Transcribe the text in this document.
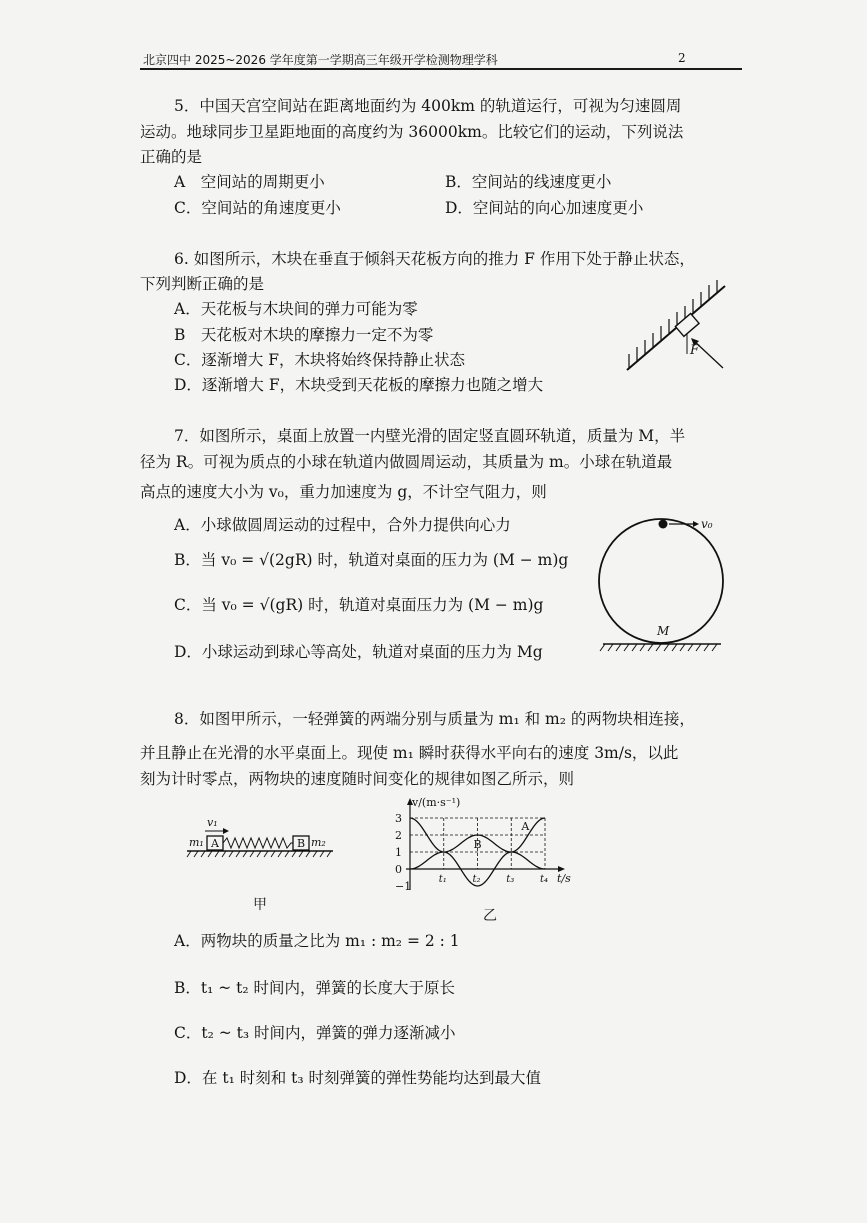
北京四中 2025~2026 学年度第一学期高三年级开学检测物理学科	2
5．中国天宫空间站在距离地面约为 400km 的轨道运行，可视为匀速圆周
运动。地球同步卫星距地面的高度约为 36000km。比较它们的运动，下列说法
正确的是
A　空间站的周期更小	B．空间站的线速度更小
C．空间站的角速度更小	D．空间站的向心加速度更小
6. 如图所示，木块在垂直于倾斜天花板方向的推力 F 作用下处于静止状态，
下列判断正确的是
A．天花板与木块间的弹力可能为零
B　天花板对木块的摩擦力一定不为零
C．逐渐增大 F，木块将始终保持静止状态
D．逐渐增大 F，木块受到天花板的摩擦力也随之增大
F
7．如图所示，桌面上放置一内壁光滑的固定竖直圆环轨道，质量为 M，半
径为 R。可视为质点的小球在轨道内做圆周运动，其质量为 m。小球在轨道最
高点的速度大小为 v₀，重力加速度为 g，不计空气阻力，则
A．小球做圆周运动的过程中，合外力提供向心力
B．当 v₀ = √(2gR) 时，轨道对桌面的压力为 (M − m)g
C．当 v₀ = √(gR) 时，轨道对桌面压力为 (M − m)g
D．小球运动到球心等高处，轨道对桌面的压力为 Mg
v₀
M
8．如图甲所示，一轻弹簧的两端分别与质量为 m₁ 和 m₂ 的两物块相连接，
并且静止在光滑的水平桌面上。现使 m₁ 瞬时获得水平向右的速度 3m/s，以此
刻为计时零点，两物块的速度随时间变化的规律如图乙所示，则
v₁
m₁ A	B m₂
甲
3
2
1
0
−1
t₁	t₂	t₃	t₄
A
B
v/(m·s⁻¹)
t/s
乙
A．两物块的质量之比为 m₁ : m₂ = 2 : 1
B．t₁ ~ t₂ 时间内，弹簧的长度大于原长
C．t₂ ~ t₃ 时间内，弹簧的弹力逐渐减小
D．在 t₁ 时刻和 t₃ 时刻弹簧的弹性势能均达到最大值
